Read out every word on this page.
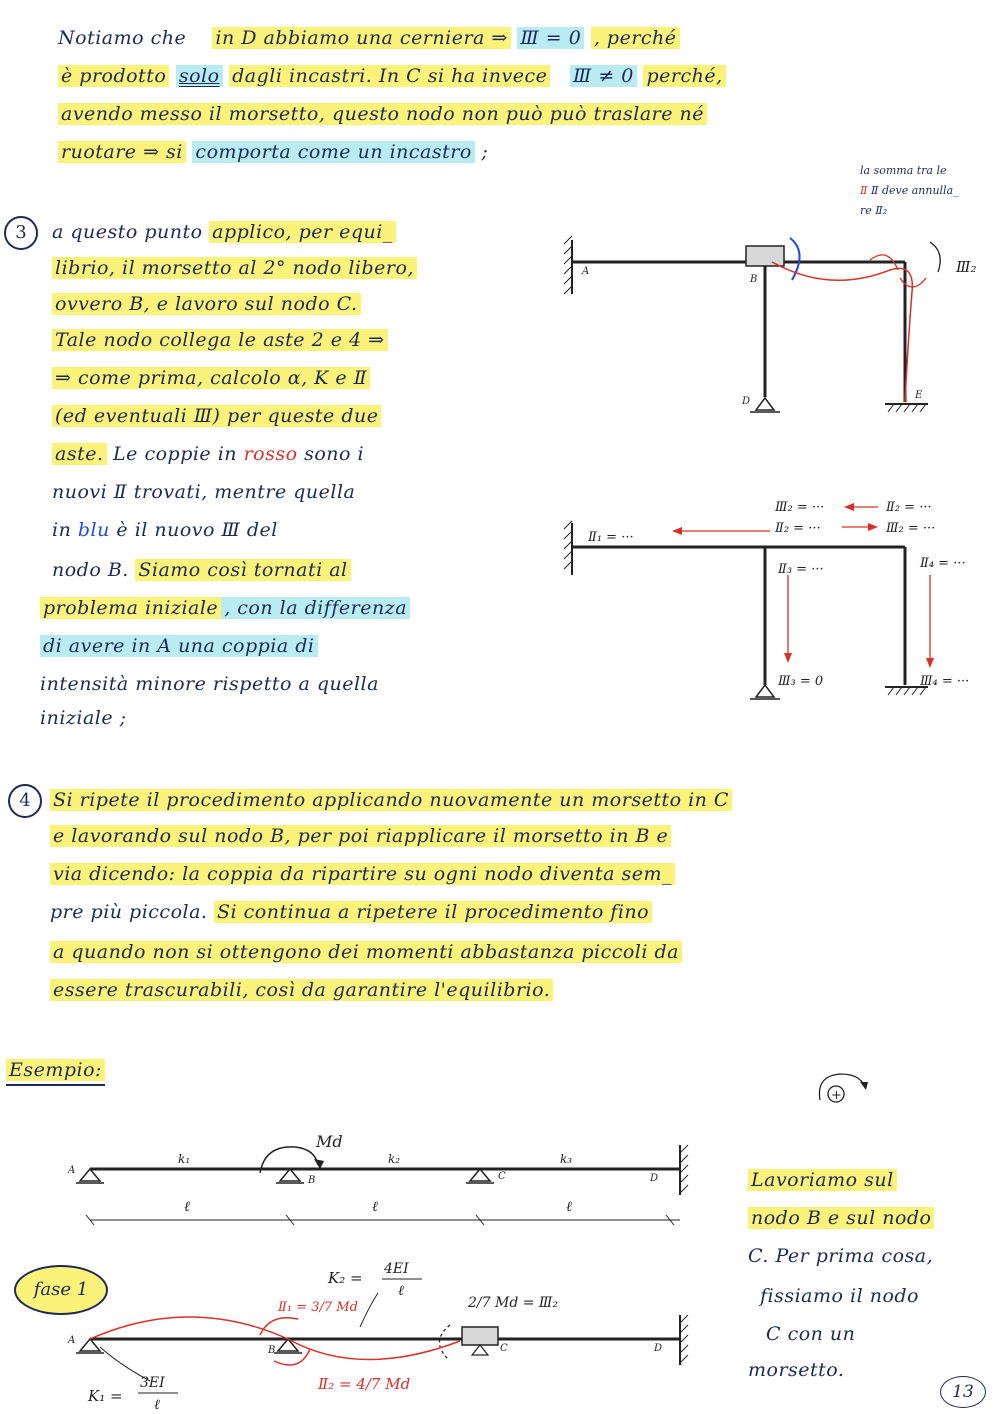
Notiamo che in D abbiamo una cerniera ⇒ Ⅲ = 0 , perché
è prodotto solo dagli incastri. In C si ha invece Ⅲ ≠ 0 perché,
avendo messo il morsetto, questo nodo non può può traslare né
ruotare ⇒ si comporta come un incastro ;
la somma tra le
Ⅱ Ⅱ deve annulla_
re Ⅱ₂
3	a questo punto applico, per equi_
librio, il morsetto al 2° nodo libero,
ovvero B, e lavoro sul nodo C.
Tale nodo collega le aste 2 e 4 ⇒
⇒ come prima, calcolo α, K e Ⅱ
(ed eventuali Ⅲ) per queste due
aste. Le coppie in rosso sono i
nuovi Ⅱ trovati, mentre quella
in blu è il nuovo Ⅲ del
nodo B. Siamo così tornati al
problema iniziale , con la differenza
di avere in A una coppia di
intensità minore rispetto a quella
iniziale ;
A
B
D
E
Ⅲ₂
Ⅱ₁ = ···
Ⅲ₂ = ···	Ⅱ₂ = ···
Ⅱ₂ = ···	Ⅲ₂ = ···
Ⅱ₃ = ···
Ⅲ₃ = 0
Ⅱ₄ = ···
Ⅲ₄ = ···
4	Si ripete il procedimento applicando nuovamente un morsetto in C
e lavorando sul nodo B, per poi riapplicare il morsetto in B e
via dicendo: la coppia da ripartire su ogni nodo diventa sem_
pre più piccola. Si continua a ripetere il procedimento fino
a quando non si ottengono dei momenti abbastanza piccoli da
essere trascurabili, così da garantire l'equilibrio.
Esempio:
+
A
B	C	D
Md
k₁	k₂	k₃
ℓ	ℓ	ℓ
fase 1
A
B	C	D
K₂ = 4EI
ℓ
Ⅱ₁ = 3/7 Md	2/7 Md = Ⅲ₂
Ⅱ₂ = 4/7 Md
K₁ =
3EI
ℓ
Lavoriamo sul
nodo B e sul nodo
C. Per prima cosa,
fissiamo il nodo
C con un
morsetto.
13
